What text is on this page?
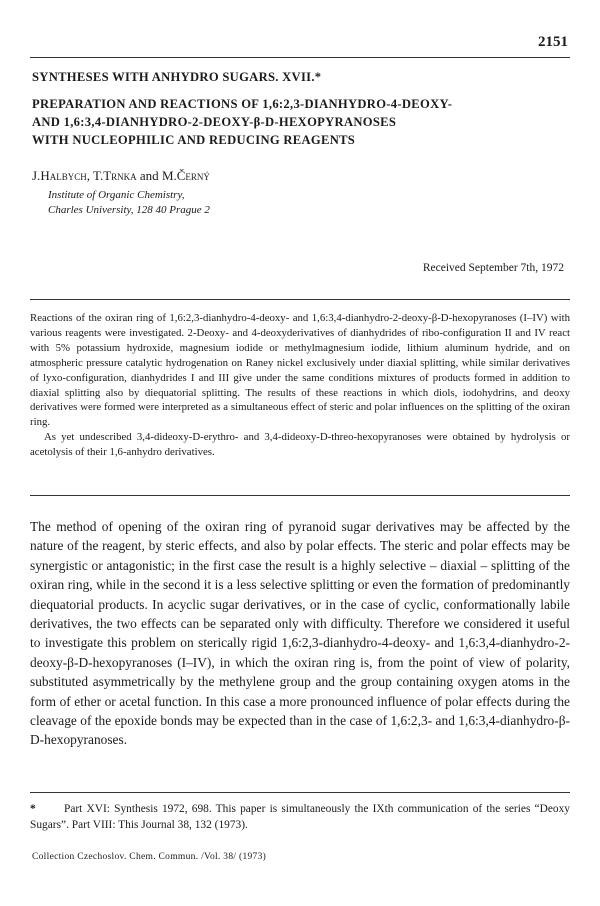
2151
SYNTHESES WITH ANHYDRO SUGARS. XVII.*
PREPARATION AND REACTIONS OF 1,6:2,3-DIANHYDRO-4-DEOXY-
AND 1,6:3,4-DIANHYDRO-2-DEOXY-β-D-HEXOPYRANOSES
WITH NUCLEOPHILIC AND REDUCING REAGENTS
J.Halbych, T.Trnka and M.Černý
Institute of Organic Chemistry,
Charles University, 128 40 Prague 2
Received September 7th, 1972

Reactions of the oxiran ring of 1,6:2,3-dianhydro-4-deoxy- and 1,6:3,4-dianhydro-2-deoxy-β-D-hexopyranoses (I–IV) with various reagents were investigated. 2-Deoxy- and 4-deoxyderivatives of dianhydrides of ribo-configuration II and IV react with 5% potassium hydroxide, magnesium iodide or methylmagnesium iodide, lithium aluminum hydride, and on atmospheric pressure catalytic hydrogenation on Raney nickel exclusively under diaxial splitting, while similar derivatives of lyxo-configuration, dianhydrides I and III give under the same conditions mixtures of products formed in addition to diaxial splitting also by diequatorial splitting. The results of these reactions in which diols, iodohydrins, and deoxy derivatives were formed were interpreted as a simultaneous effect of steric and polar influences on the splitting of the oxiran ring.

As yet undescribed 3,4-dideoxy-D-erythro- and 3,4-dideoxy-D-threo-hexopyranoses were obtained by hydrolysis or acetolysis of their 1,6-anhydro derivatives.

The method of opening of the oxiran ring of pyranoid sugar derivatives may be affected by the nature of the reagent, by steric effects, and also by polar effects. The steric and polar effects may be synergistic or antagonistic; in the first case the result is a highly selective – diaxial – splitting of the oxiran ring, while in the second it is a less selective splitting or even the formation of predominantly diequatorial products. In acyclic sugar derivatives, or in the case of cyclic, conformationally labile derivatives, the two effects can be separated only with difficulty. Therefore we considered it useful to investigate this problem on sterically rigid 1,6:2,3-dianhydro-4-deoxy- and 1,6:3,4-dianhydro-2-deoxy-β-D-hexopyranoses (I–IV), in which the oxiran ring is, from the point of view of polarity, substituted asymmetrically by the methylene group and the group containing oxygen atoms in the form of ether or acetal function. In this case a more pronounced influence of polar effects during the cleavage of the epoxide bonds may be expected than in the case of 1,6:2,3- and 1,6:3,4-dianhydro-β-D-hexopyranoses.

* Part XVI: Synthesis 1972, 698. This paper is simultaneously the IXth communication of the series “Deoxy Sugars”. Part VIII: This Journal 38, 132 (1973).

Collection Czechoslov. Chem. Commun. /Vol. 38/ (1973)
